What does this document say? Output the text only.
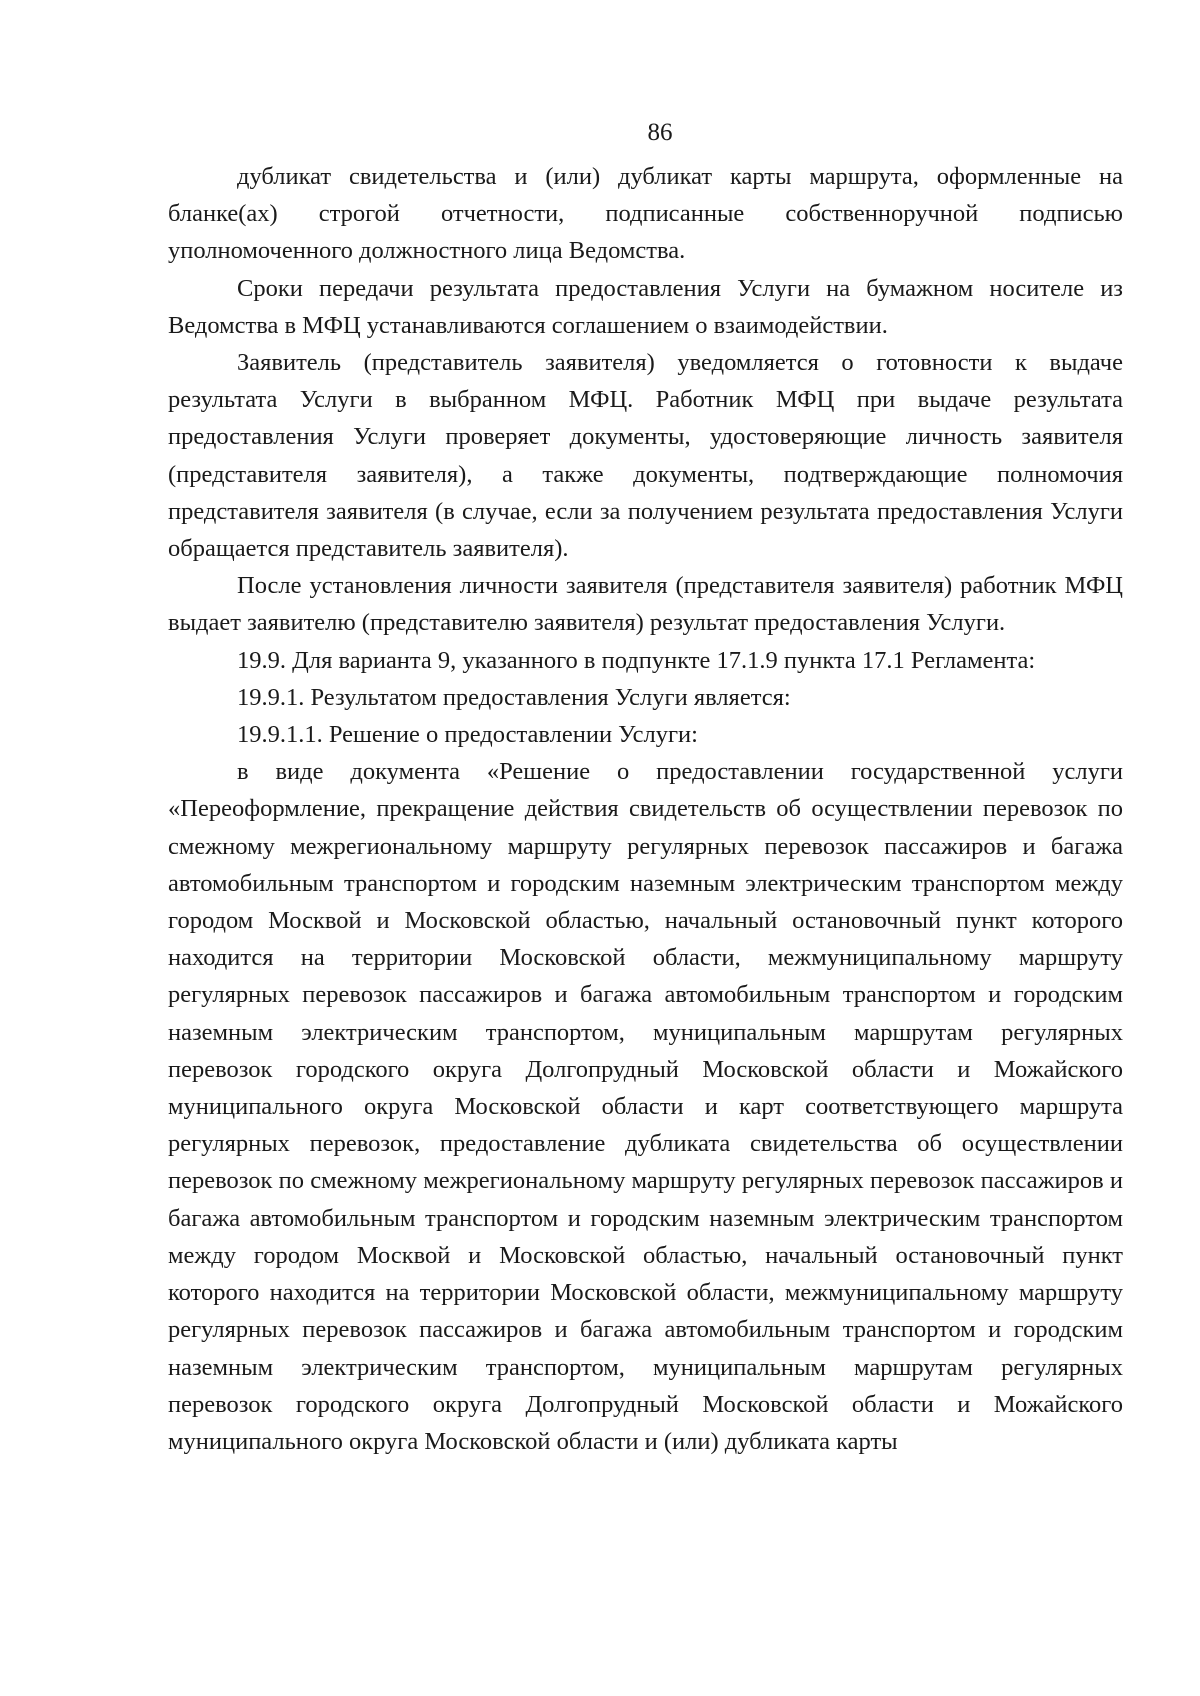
86

дубликат свидетельства и (или) дубликат карты маршрута, оформленные на бланке(ах) строгой отчетности, подписанные собственноручной подписью уполномоченного должностного лица Ведомства.

Сроки передачи результата предоставления Услуги на бумажном носителе из Ведомства в МФЦ устанавливаются соглашением о взаимодействии.

Заявитель (представитель заявителя) уведомляется о готовности к выдаче результата Услуги в выбранном МФЦ. Работник МФЦ при выдаче результата предоставления Услуги проверяет документы, удостоверяющие личность заявителя (представителя заявителя), а также документы, подтверждающие полномочия представителя заявителя (в случае, если за получением результата предоставления Услуги обращается представитель заявителя).

После установления личности заявителя (представителя заявителя) работник МФЦ выдает заявителю (представителю заявителя) результат предоставления Услуги.

19.9. Для варианта 9, указанного в подпункте 17.1.9 пункта 17.1 Регламента:

19.9.1. Результатом предоставления Услуги является:

19.9.1.1. Решение о предоставлении Услуги:

в виде документа «Решение о предоставлении государственной услуги «Переоформление, прекращение действия свидетельств об осуществлении перевозок по смежному межрегиональному маршруту регулярных перевозок пассажиров и багажа автомобильным транспортом и городским наземным электрическим транспортом между городом Москвой и Московской областью, начальный остановочный пункт которого находится на территории Московской области, межмуниципальному маршруту регулярных перевозок пассажиров и багажа автомобильным транспортом и городским наземным электрическим транспортом, муниципальным маршрутам регулярных перевозок городского округа Долгопрудный Московской области и Можайского муниципального округа Московской области и карт соответствующего маршрута регулярных перевозок, предоставление дубликата свидетельства об осуществлении перевозок по смежному межрегиональному маршруту регулярных перевозок пассажиров и багажа автомобильным транспортом и городским наземным электрическим транспортом между городом Москвой и Московской областью, начальный остановочный пункт которого находится на территории Московской области, межмуниципальному маршруту регулярных перевозок пассажиров и багажа автомобильным транспортом и городским наземным электрическим транспортом, муниципальным маршрутам регулярных перевозок городского округа Долгопрудный Московской области и Можайского муниципального округа Московской области и (или) дубликата карты
